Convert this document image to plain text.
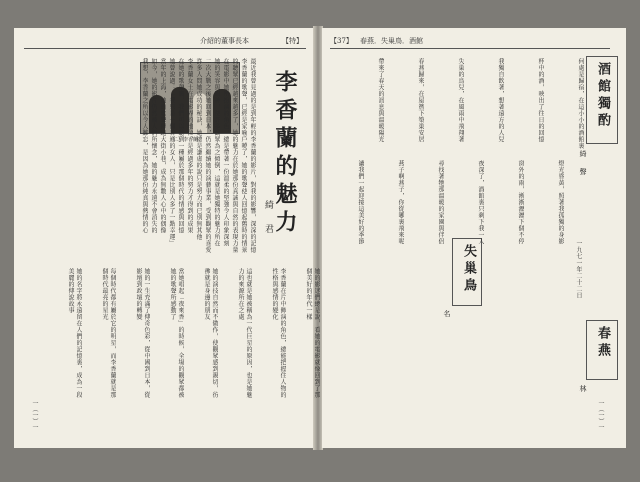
介紹的董事長本	【特】
（二）李香蘭	李香蘭的魅力
綺　君
最近我曾見過的是到年輕的李香蘭的影片，對我的影響，深深的記憶
李香蘭的歌聲，已經是家喻戶曉了，她的歌聲使人回憶起舊時的情景
的聽眾已經越來越多了，她的魅力在於她那份真誠與自然的表現力量
在電影中她所扮演的角色，總是帶著一份溫柔的堅強令人印象深刻
她的笑容與眼神，使許多觀眾為之傾倒，這就是她獨特的魅力所在
二次大戰之後她回到日本，仍然繼續她的演藝事業，受到觀眾的喜愛
許多人問她成功的秘訣，她總是謙虛的說只是努力而已別無其他
李香蘭女士在電影界的地位，是經過多年的努力才得到的成果
在她的歌聲裏，我們可以聽到一種屬於那個時代的情感與回憶
她曾說過：「我只是一個普通的女人，只是比別人多了一點幸運」
當年的上海，她的歌聲傳遍大街小巷，成為無數人心中的偶像
如今，她的影片仍然被人們所懷念，她的魅力永遠不會消失的
我想，李香蘭之所以令人難忘，是因為她那份純真與熱情的心
她的影迷們總是說，看她的電影就像回到了那個美好的年代一樣
李香蘭在片中飾演的角色，總能把握住人物的性格與感情的變化
這也就是她被稱為一代巨星的原因，也是她魅力的來源所在之處
她的演技自然而不做作，使觀眾感到親切，彷彿就是身邊的朋友
當她唱起「夜來香」的時候，全場的觀眾都被她的歌聲所感動了
她的一生充滿了傳奇色彩，從中國到日本，從影壇到政壇的轉變
每個時代都有屬於它的明星，而李香蘭就是那個時代最亮的星光
她的名字將永遠留在人們的記憶裏，成為一段美麗的傳說故事
一（一）一
【37】 春燕．失巢鳥．酒館
酒館獨酌
綺　聲
失巢鳥
名
春燕
林
何處是歸宿，在這小小的酒館裏
燈光昏黃，照著我孤獨的身影
杯中的酒，映出了往日的回憶
窗外的雨，淅淅瀝瀝下個不停
我獨自飲著，想著遠方的人兒
夜深了，酒館裏只剩下我一人
失巢的鳥兒，在風雨中飛翔著
尋找著牠那溫暖的家園與伴侶
春燕歸來，在屋簷下築巢安居
燕子啊燕子，你從哪裏飛來呢
帶來了春天的訊息與溫暖陽光
讓我們一起迎接這美好的季節
一九七一年二十二日
一（一）一
